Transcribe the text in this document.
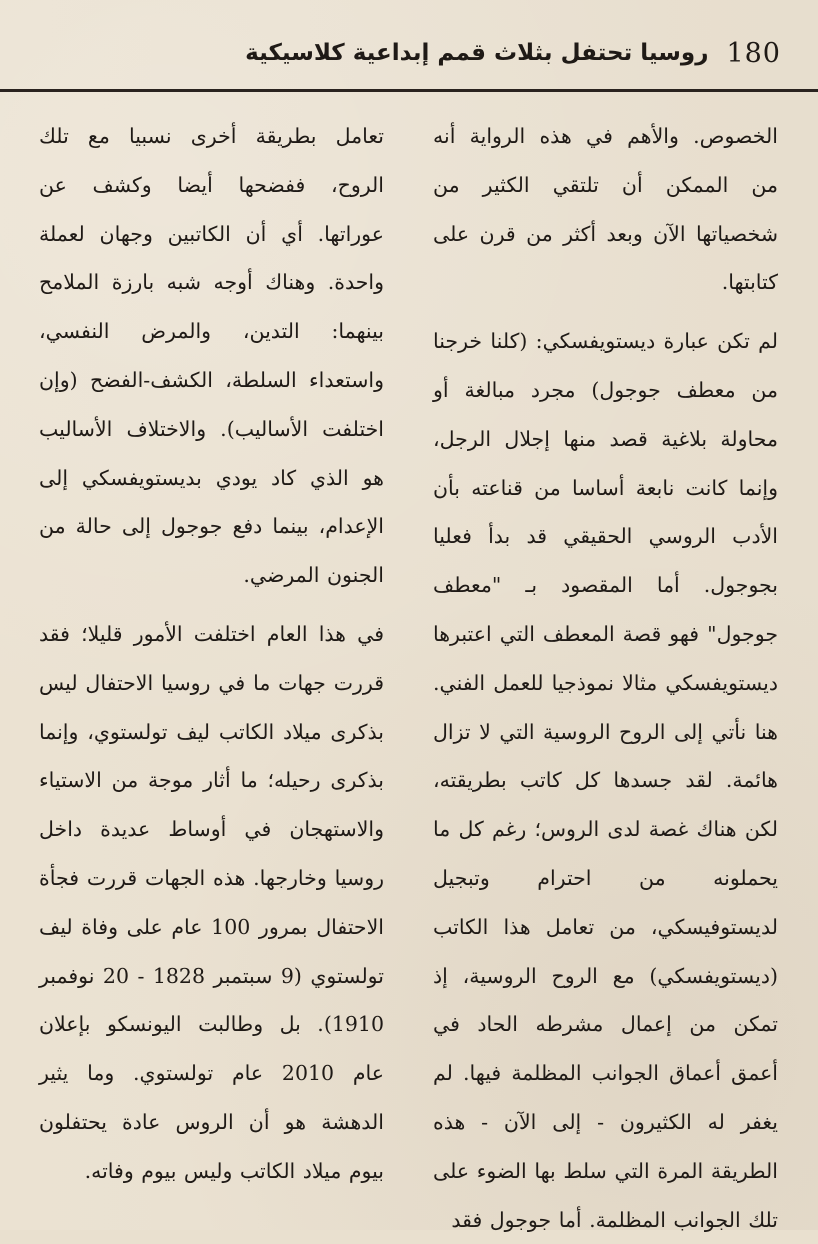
180
روسيا تحتفل بثلاث قمم إبداعية كلاسيكية

الخصوص. والأهم في هذه الرواية أنه من الممكن أن تلتقي الكثير من شخصياتها الآن وبعد أكثر من قرن على كتابتها.

لم تكن عبارة ديستويفسكي: (كلنا خرجنا من معطف جوجول) مجرد مبالغة أو محاولة بلاغية قصد منها إجلال الرجل، وإنما كانت نابعة أساسا من قناعته بأن الأدب الروسي الحقيقي قد بدأ فعليا بجوجول. أما المقصود بـ "معطف جوجول" فهو قصة المعطف التي اعتبرها ديستويفسكي مثالا نموذجيا للعمل الفني. هنا نأتي إلى الروح الروسية التي لا تزال هائمة. لقد جسدها كل كاتب بطريقته، لكن هناك غصة لدى الروس؛ رغم كل ما يحملونه من احترام وتبجيل لديستوفيسكي، من تعامل هذا الكاتب (ديستويفسكي) مع الروح الروسية، إذ تمكن من إعمال مشرطه الحاد في أعمق أعماق الجوانب المظلمة فيها. لم يغفر له الكثيرون - إلى الآن - هذه الطريقة المرة التي سلط بها الضوء على تلك الجوانب المظلمة. أما جوجول فقد

تعامل بطريقة أخرى نسبيا مع تلك الروح، ففضحها أيضا وكشف عن عوراتها. أي أن الكاتبين وجهان لعملة واحدة. وهناك أوجه شبه بارزة الملامح بينهما: التدين، والمرض النفسي، واستعداء السلطة، الكشف-الفضح (وإن اختلفت الأساليب). والاختلاف الأساليب هو الذي كاد يودي بديستويفسكي إلى الإعدام، بينما دفع جوجول إلى حالة من الجنون المرضي.

في هذا العام اختلفت الأمور قليلا؛ فقد قررت جهات ما في روسيا الاحتفال ليس بذكرى ميلاد الكاتب ليف تولستوي، وإنما بذكرى رحيله؛ ما أثار موجة من الاستياء والاستهجان في أوساط عديدة داخل روسيا وخارجها. هذه الجهات قررت فجأة الاحتفال بمرور 100 عام على وفاة ليف تولستوي (9 سبتمبر 1828 - 20 نوفمبر 1910). بل وطالبت اليونسكو بإعلان عام 2010 عام تولستوي. وما يثير الدهشة هو أن الروس عادة يحتفلون بيوم ميلاد الكاتب وليس بيوم وفاته.
